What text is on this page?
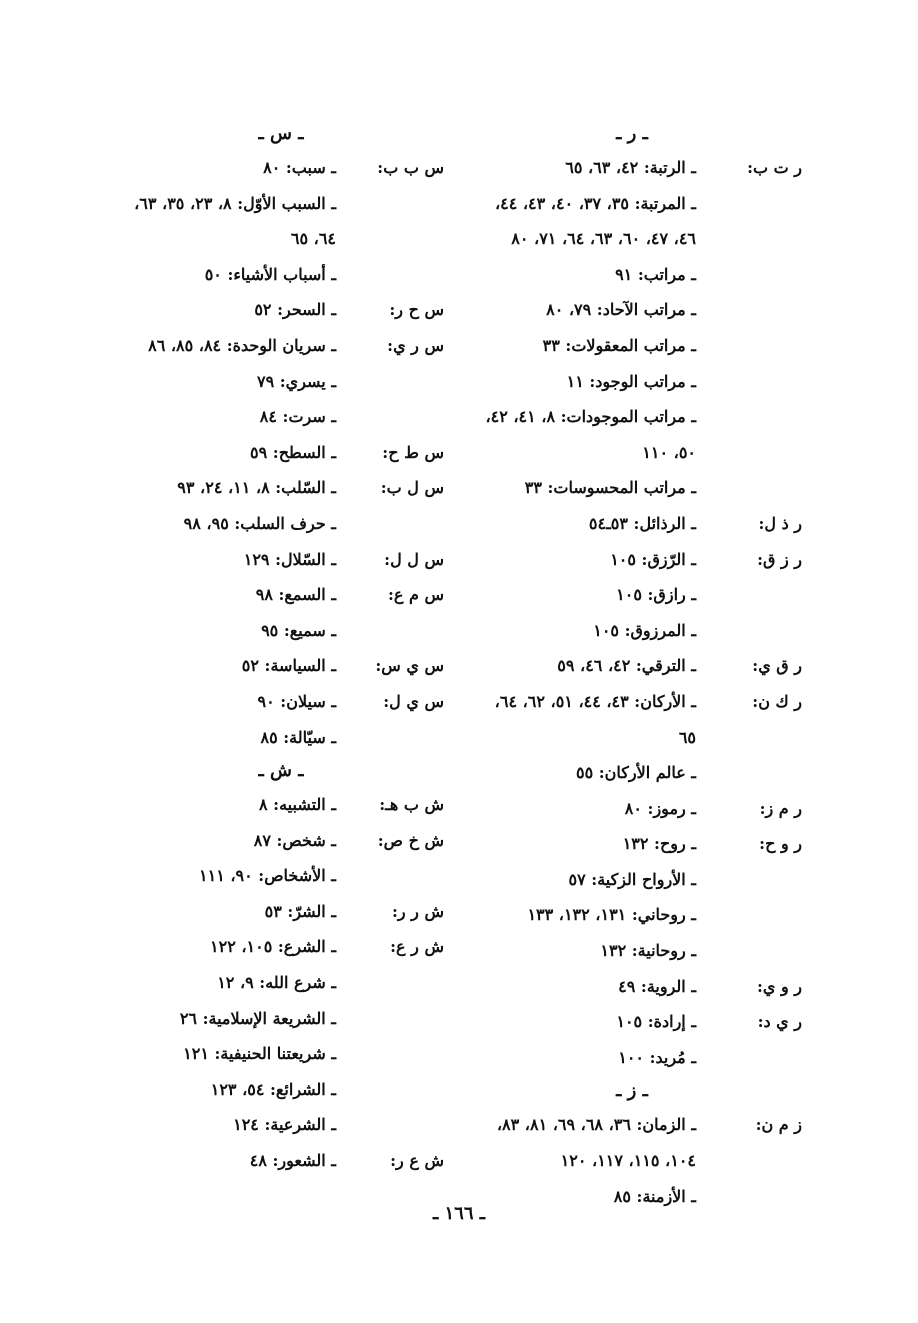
ـ ر ـ
ر ت ب:
ـ الرتبة: ٤٢، ٦٣، ٦٥
ـ المرتبة: ٣٥، ٣٧، ٤٠، ٤٣، ٤٤،
٤٦، ٤٧، ٦٠، ٦٣، ٦٤، ٧١، ٨٠
ـ مراتب: ٩١
ـ مراتب الآحاد: ٧٩، ٨٠
ـ مراتب المعقولات: ٣٣
ـ مراتب الوجود: ١١
ـ مراتب الموجودات: ٨، ٤١، ٤٢،
٥٠، ١١٠
ـ مراتب المحسوسات: ٣٣
ر ذ ل:
ـ الرذائل: ٥٣ـ٥٤
ر ز ق:
ـ الرّزق: ١٠٥
ـ رازق: ١٠٥
ـ المرزوق: ١٠٥
ر ق ي:
ـ الترقي: ٤٢، ٤٦، ٥٩
ر ك ن:
ـ الأركان: ٤٣، ٤٤، ٥١، ٦٢، ٦٤،
٦٥
ـ عالم الأركان: ٥٥
ر م ز:
ـ رموز: ٨٠
ر و ح:
ـ روح: ١٣٢
ـ الأرواح الزكية: ٥٧
ـ روحاني: ١٣١، ١٣٢، ١٣٣
ـ روحانية: ١٣٢
ر و ي:
ـ الروية: ٤٩
ر ي د:
ـ إرادة: ١٠٥
ـ مُريد: ١٠٠
ـ ز ـ
ز م ن:
ـ الزمان: ٣٦، ٦٨، ٦٩، ٨١، ٨٣،
١٠٤، ١١٥، ١١٧، ١٢٠
ـ الأزمنة: ٨٥
ـ س ـ
س ب ب:
ـ سبب: ٨٠
ـ السبب الأوّل: ٨، ٢٣، ٣٥، ٦٣،
٦٤، ٦٥
ـ أسباب الأشياء: ٥٠
س ح ر:
ـ السحر: ٥٢
س ر ي:
ـ سريان الوحدة: ٨٤، ٨٥، ٨٦
ـ يسري: ٧٩
ـ سرت: ٨٤
س ط ح:
ـ السطح: ٥٩
س ل ب:
ـ السّلب: ٨، ١١، ٢٤، ٩٣
ـ حرف السلب: ٩٥، ٩٨
س ل ل:
ـ السّلال: ١٢٩
س م ع:
ـ السمع: ٩٨
ـ سميع: ٩٥
س ي س:
ـ السياسة: ٥٢
س ي ل:
ـ سيلان: ٩٠
ـ سيّالة: ٨٥
ـ ش ـ
ش ب هـ:
ـ التشبيه: ٨
ش خ ص:
ـ شخص: ٨٧
ـ الأشخاص: ٩٠، ١١١
ش ر ر:
ـ الشرّ: ٥٣
ش ر ع:
ـ الشرع: ١٠٥، ١٢٢
ـ شرع الله: ٩، ١٢
ـ الشريعة الإسلامية: ٢٦
ـ شريعتنا الحنيفية: ١٢١
ـ الشرائع: ٥٤، ١٢٣
ـ الشرعية: ١٢٤
ش ع ر:
ـ الشعور: ٤٨
ـ ١٦٦ ـ
